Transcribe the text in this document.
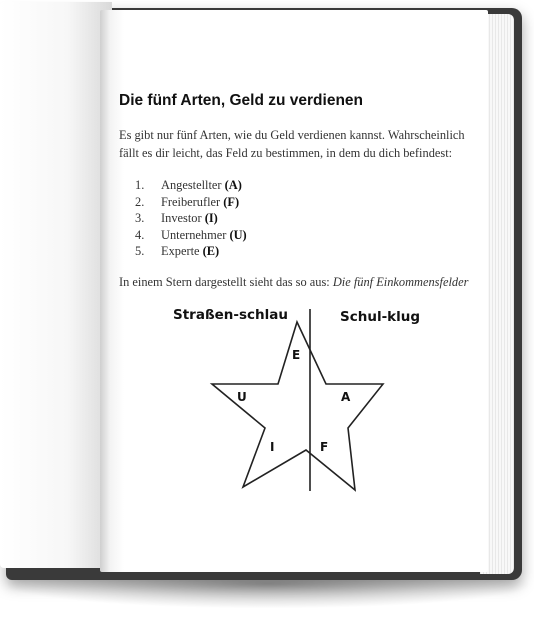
Die fünf Arten, Geld zu verdienen

Es gibt nur fünf Arten, wie du Geld verdienen kannst. Wahrscheinlich fällt es dir leicht, das Feld zu bestimmen, in dem du dich befindest:

1.	Angestellter (A)
2.	Freiberufler (F)
3.	Investor (I)
4.	Unternehmer (U)
5.	Experte (E)
In einem Stern dargestellt sieht das so aus: Die fünf Einkommensfelder
Straßen-schlau	Schul-klug
E
U	A
I	F
